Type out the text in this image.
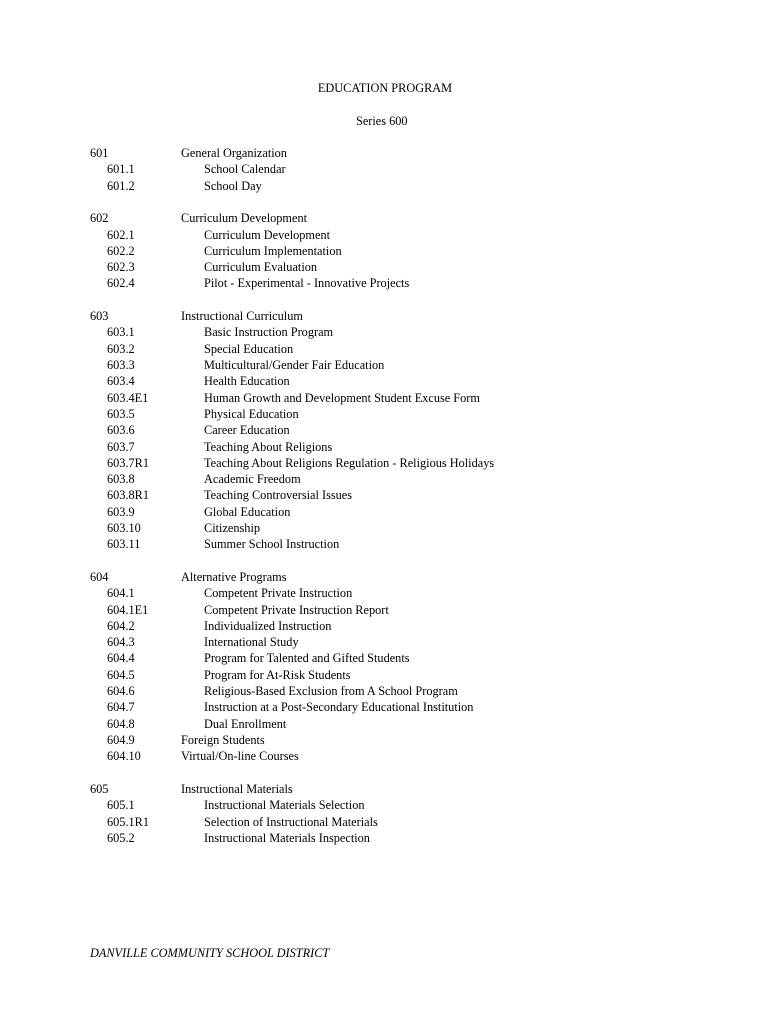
EDUCATION PROGRAM
Series 600
601	General Organization
601.1	School Calendar
601.2	School Day
602	Curriculum Development
602.1	Curriculum Development
602.2	Curriculum Implementation
602.3	Curriculum Evaluation
602.4	Pilot - Experimental - Innovative Projects
603	Instructional Curriculum
603.1	Basic Instruction Program
603.2	Special Education
603.3	Multicultural/Gender Fair Education
603.4	Health Education
603.4E1	Human Growth and Development Student Excuse Form
603.5	Physical Education
603.6	Career Education
603.7	Teaching About Religions
603.7R1	Teaching About Religions Regulation - Religious Holidays
603.8	Academic Freedom
603.8R1	Teaching Controversial Issues
603.9	Global Education
603.10	Citizenship
603.11	Summer School Instruction
604	Alternative Programs
604.1	Competent Private Instruction
604.1E1	Competent Private Instruction Report
604.2	Individualized Instruction
604.3	International Study
604.4	Program for Talented and Gifted Students
604.5	Program for At-Risk Students
604.6	Religious-Based Exclusion from A School Program
604.7	Instruction at a Post-Secondary Educational Institution
604.8	Dual Enrollment
604.9	Foreign Students
604.10	Virtual/On-line Courses
605	Instructional Materials
605.1	Instructional Materials Selection
605.1R1	Selection of Instructional Materials
605.2	Instructional Materials Inspection

DANVILLE COMMUNITY SCHOOL DISTRICT
